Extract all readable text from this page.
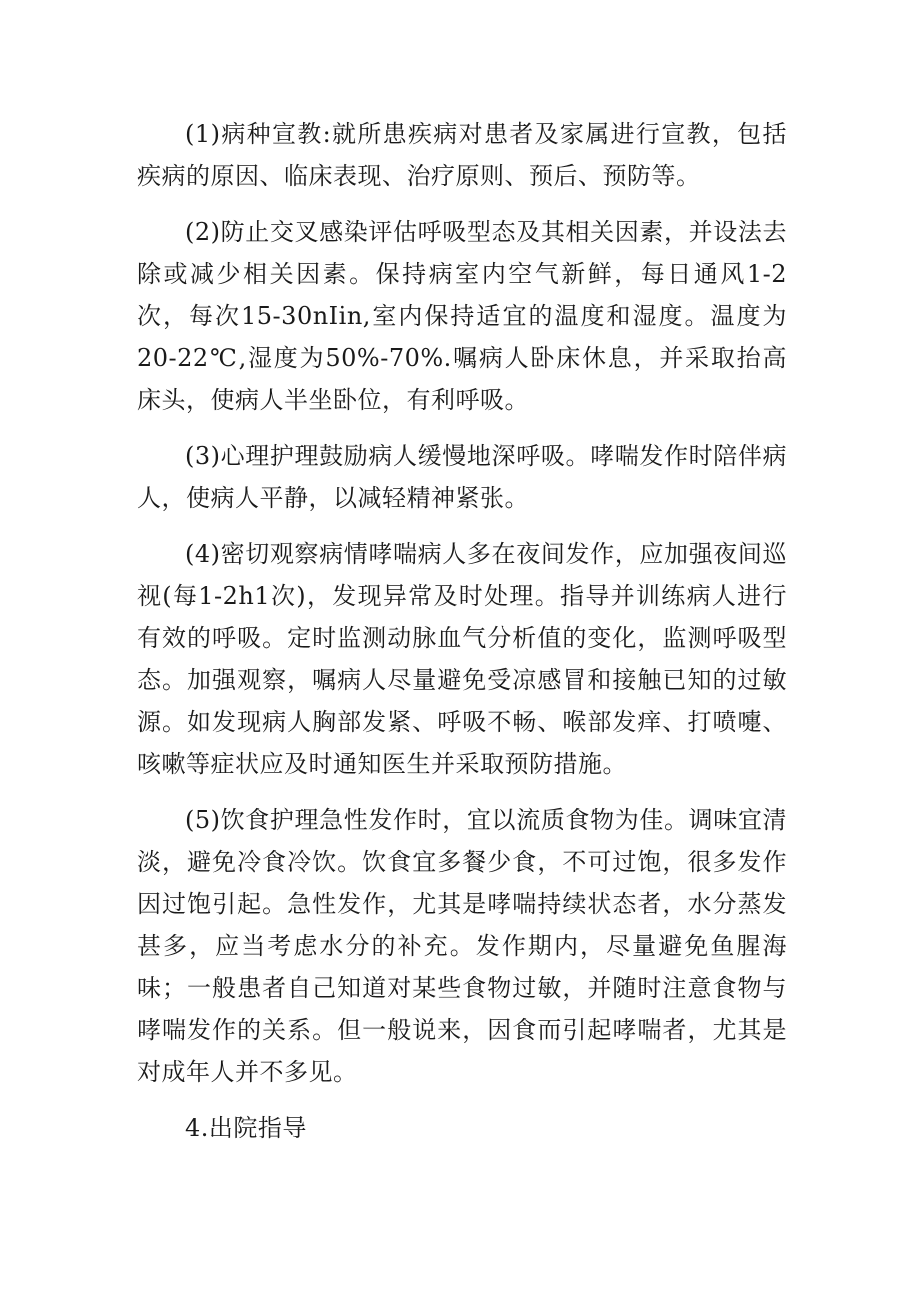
(1)病种宣教:就所患疾病对患者及家属进行宣教，包括疾病的原因、临床表现、治疗原则、预后、预防等。

(2)防止交叉感染评估呼吸型态及其相关因素，并设法去除或减少相关因素。保持病室内空气新鲜，每日通风1-2次，每次15-30nIin,室内保持适宜的温度和湿度。温度为20-22℃,湿度为50%-70%.嘱病人卧床休息，并采取抬高床头，使病人半坐卧位，有利呼吸。

(3)心理护理鼓励病人缓慢地深呼吸。哮喘发作时陪伴病人，使病人平静，以减轻精神紧张。

(4)密切观察病情哮喘病人多在夜间发作，应加强夜间巡视(每1-2h1次)，发现异常及时处理。指导并训练病人进行有效的呼吸。定时监测动脉血气分析值的变化，监测呼吸型态。加强观察，嘱病人尽量避免受凉感冒和接触已知的过敏源。如发现病人胸部发紧、呼吸不畅、喉部发痒、打喷嚏、咳嗽等症状应及时通知医生并采取预防措施。

(5)饮食护理急性发作时，宜以流质食物为佳。调味宜清淡，避免冷食冷饮。饮食宜多餐少食，不可过饱，很多发作因过饱引起。急性发作，尤其是哮喘持续状态者，水分蒸发甚多，应当考虑水分的补充。发作期内，尽量避免鱼腥海味；一般患者自己知道对某些食物过敏，并随时注意食物与哮喘发作的关系。但一般说来，因食而引起哮喘者，尤其是对成年人并不多见。

4.出院指导
